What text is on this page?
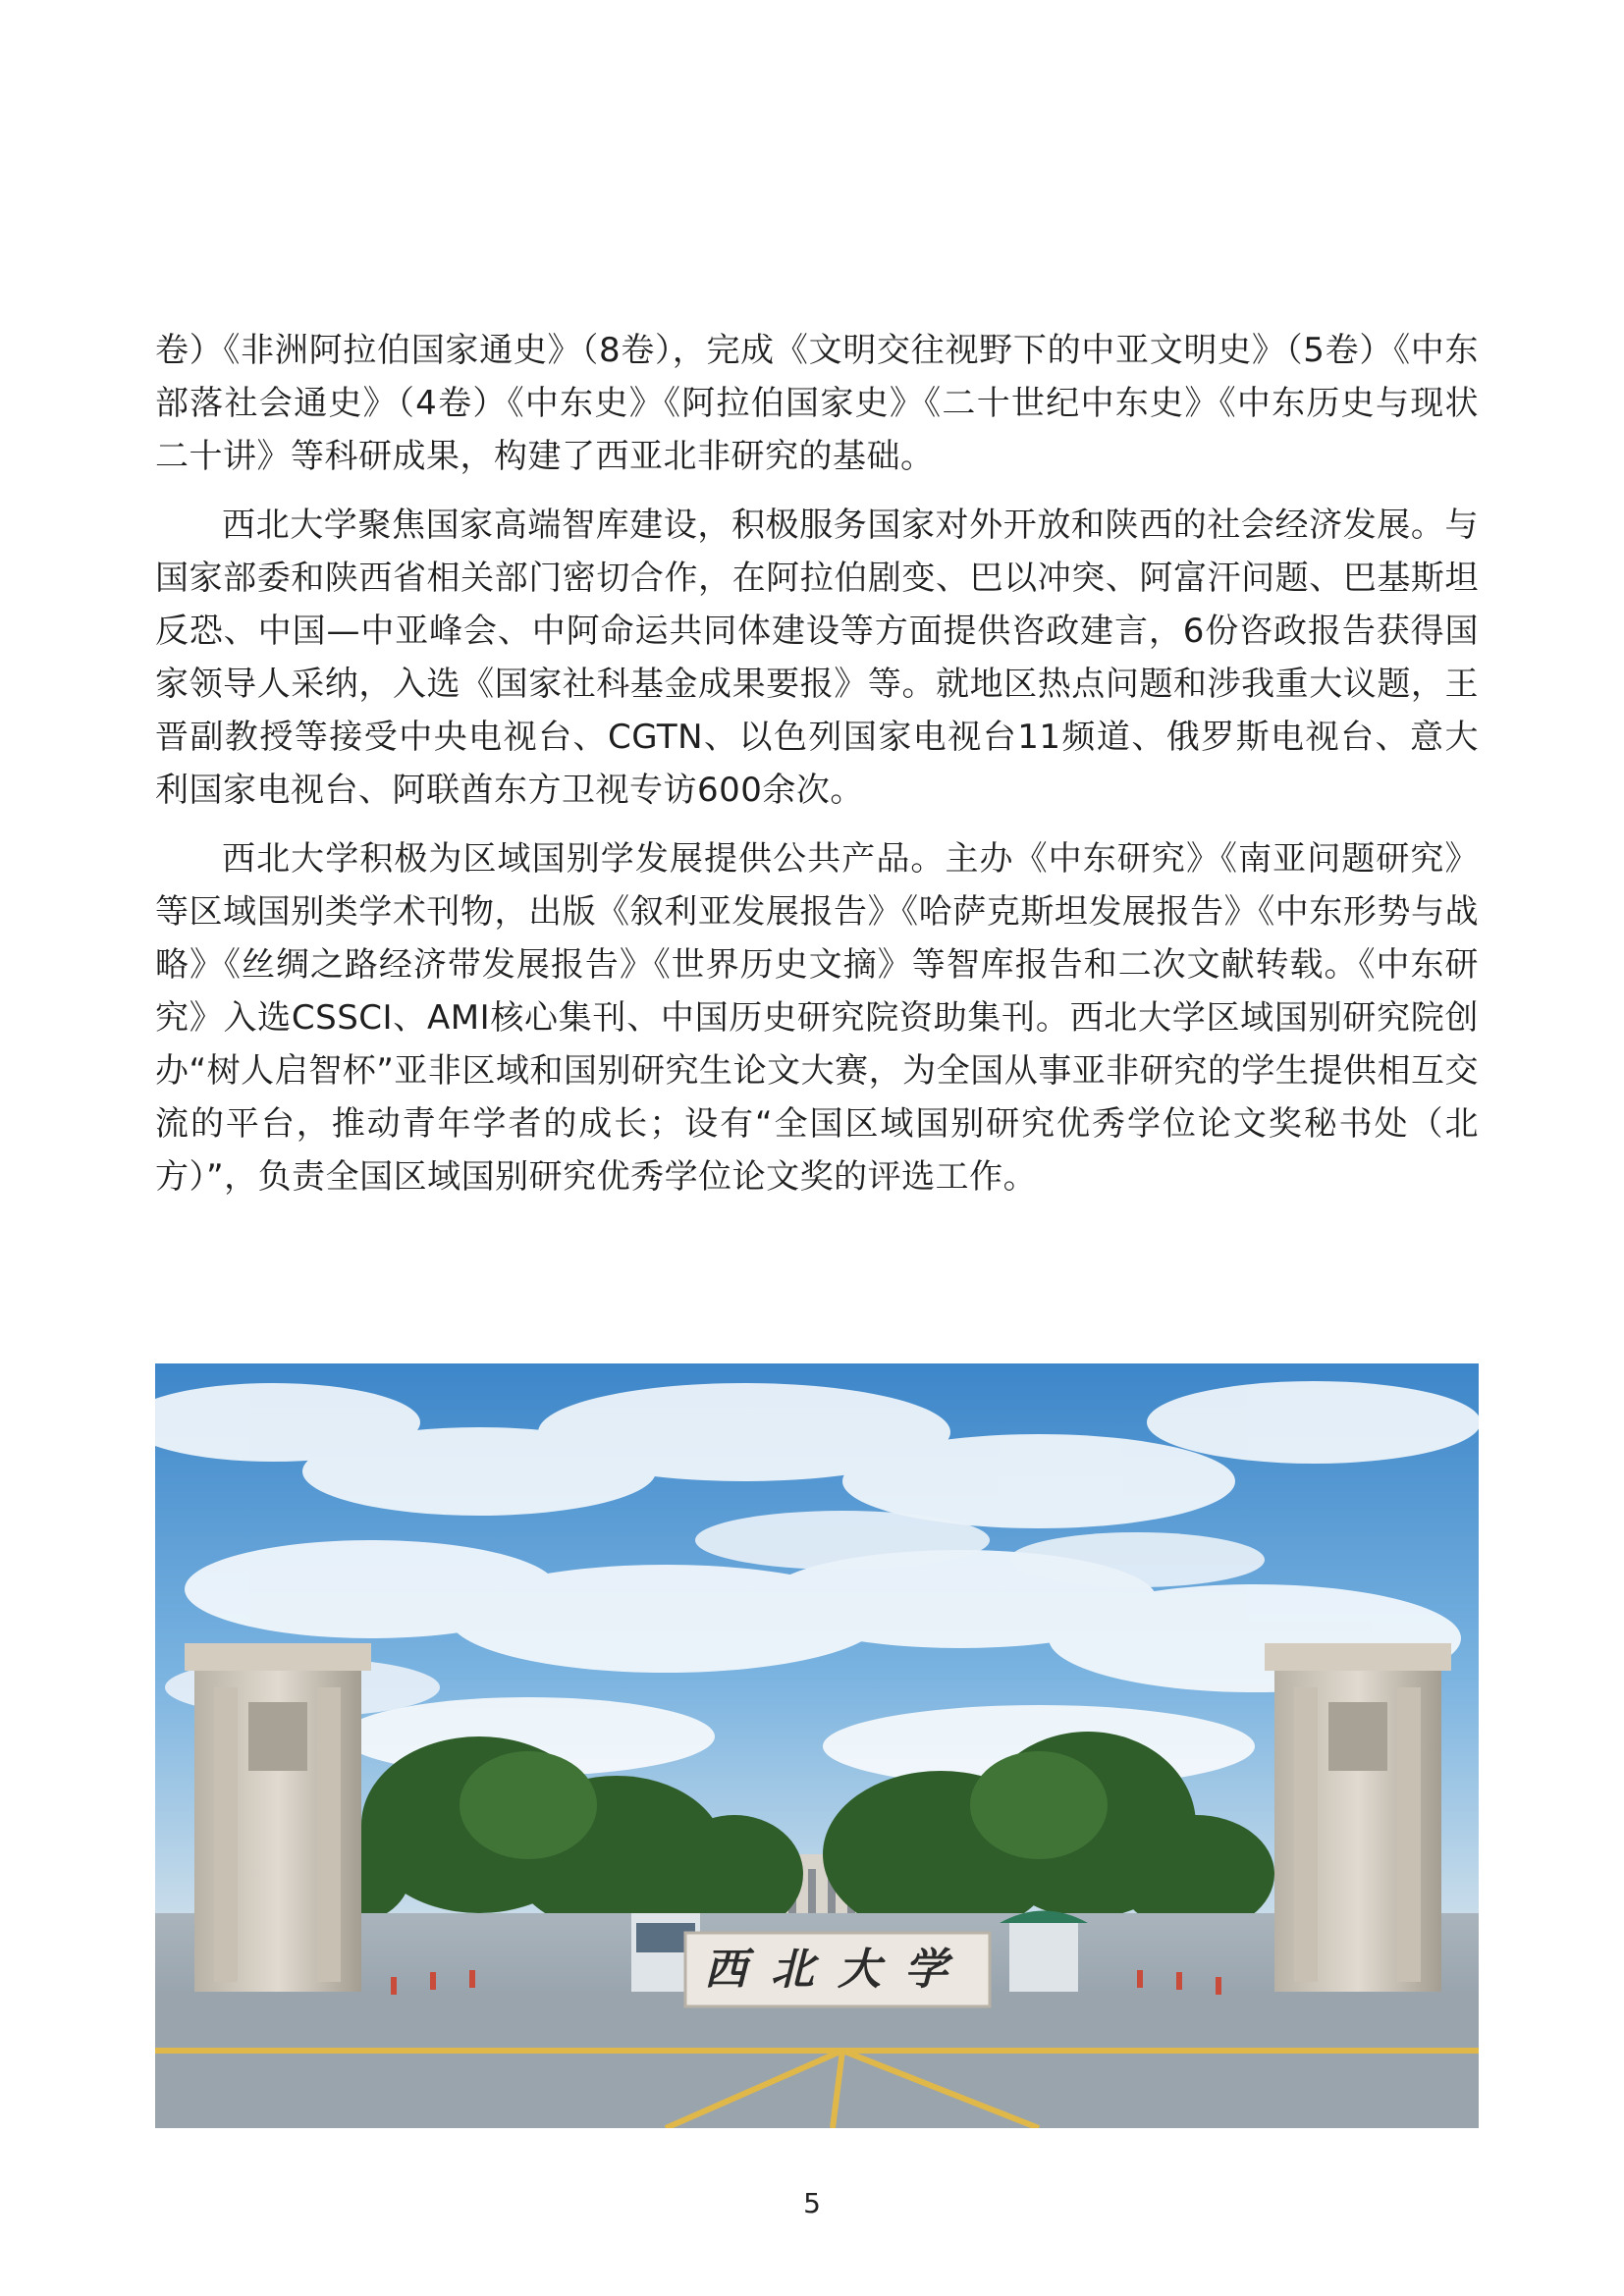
卷）《非洲阿拉伯国家通史》（8卷），完成《文明交往视野下的中亚文明史》（5卷）《中东部落社会通史》（4卷）《中东史》《阿拉伯国家史》《二十世纪中东史》《中东历史与现状二十讲》等科研成果，构建了西亚北非研究的基础。

西北大学聚焦国家高端智库建设，积极服务国家对外开放和陕西的社会经济发展。与国家部委和陕西省相关部门密切合作，在阿拉伯剧变、巴以冲突、阿富汗问题、巴基斯坦反恐、中国—中亚峰会、中阿命运共同体建设等方面提供咨政建言，6份咨政报告获得国家领导人采纳，入选《国家社科基金成果要报》等。就地区热点问题和涉我重大议题，王晋副教授等接受中央电视台、CGTN、以色列国家电视台11频道、俄罗斯电视台、意大利国家电视台、阿联酋东方卫视专访600余次。

西北大学积极为区域国别学发展提供公共产品。主办《中东研究》《南亚问题研究》等区域国别类学术刊物，出版《叙利亚发展报告》《哈萨克斯坦发展报告》《中东形势与战略》《丝绸之路经济带发展报告》《世界历史文摘》等智库报告和二次文献转载。《中东研究》入选CSSCI、AMI核心集刊、中国历史研究院资助集刊。西北大学区域国别研究院创办“树人启智杯”亚非区域和国别研究生论文大赛，为全国从事亚非研究的学生提供相互交流的平台，推动青年学者的成长；设有“全国区域国别研究优秀学位论文奖秘书处（北方）”，负责全国区域国别研究优秀学位论文奖的评选工作。

西北大学
5
